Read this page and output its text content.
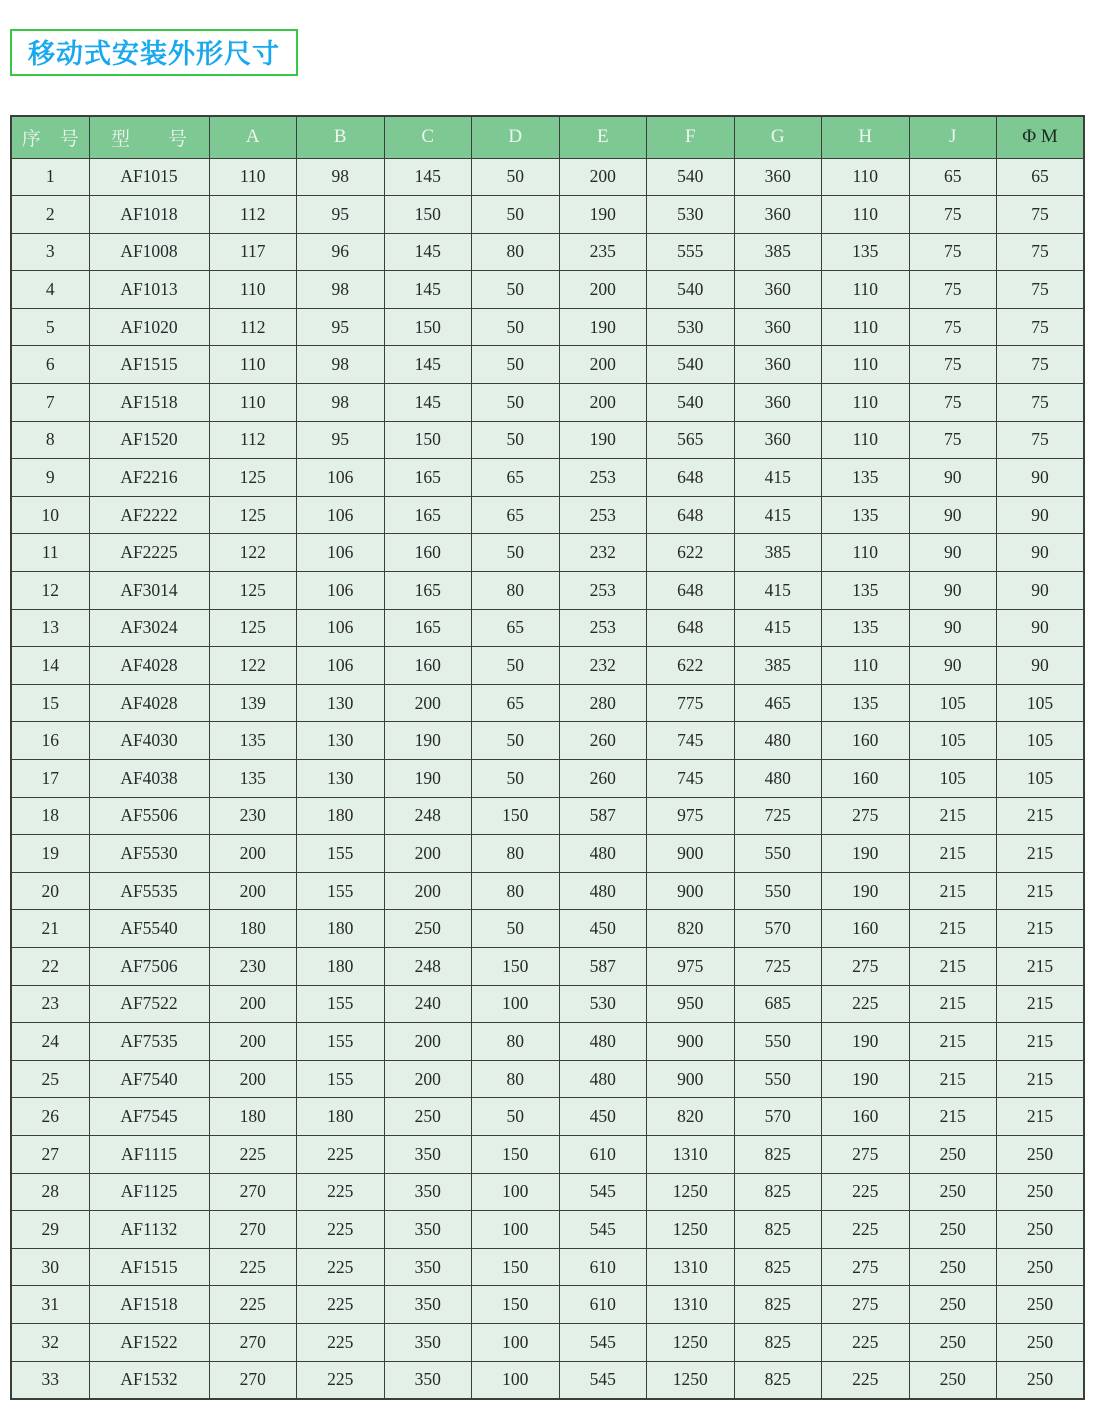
移动式安装外形尺寸
序　号	型　　号	A	B	C	D	E	F	G	H	J	Φ M
1	AF1015	110	98	145	50	200	540	360	110	65	65
2	AF1018	112	95	150	50	190	530	360	110	75	75
3	AF1008	117	96	145	80	235	555	385	135	75	75
4	AF1013	110	98	145	50	200	540	360	110	75	75
5	AF1020	112	95	150	50	190	530	360	110	75	75
6	AF1515	110	98	145	50	200	540	360	110	75	75
7	AF1518	110	98	145	50	200	540	360	110	75	75
8	AF1520	112	95	150	50	190	565	360	110	75	75
9	AF2216	125	106	165	65	253	648	415	135	90	90
10	AF2222	125	106	165	65	253	648	415	135	90	90
11	AF2225	122	106	160	50	232	622	385	110	90	90
12	AF3014	125	106	165	80	253	648	415	135	90	90
13	AF3024	125	106	165	65	253	648	415	135	90	90
14	AF4028	122	106	160	50	232	622	385	110	90	90
15	AF4028	139	130	200	65	280	775	465	135	105	105
16	AF4030	135	130	190	50	260	745	480	160	105	105
17	AF4038	135	130	190	50	260	745	480	160	105	105
18	AF5506	230	180	248	150	587	975	725	275	215	215
19	AF5530	200	155	200	80	480	900	550	190	215	215
20	AF5535	200	155	200	80	480	900	550	190	215	215
21	AF5540	180	180	250	50	450	820	570	160	215	215
22	AF7506	230	180	248	150	587	975	725	275	215	215
23	AF7522	200	155	240	100	530	950	685	225	215	215
24	AF7535	200	155	200	80	480	900	550	190	215	215
25	AF7540	200	155	200	80	480	900	550	190	215	215
26	AF7545	180	180	250	50	450	820	570	160	215	215
27	AF1115	225	225	350	150	610	1310	825	275	250	250
28	AF1125	270	225	350	100	545	1250	825	225	250	250
29	AF1132	270	225	350	100	545	1250	825	225	250	250
30	AF1515	225	225	350	150	610	1310	825	275	250	250
31	AF1518	225	225	350	150	610	1310	825	275	250	250
32	AF1522	270	225	350	100	545	1250	825	225	250	250
33	AF1532	270	225	350	100	545	1250	825	225	250	250
